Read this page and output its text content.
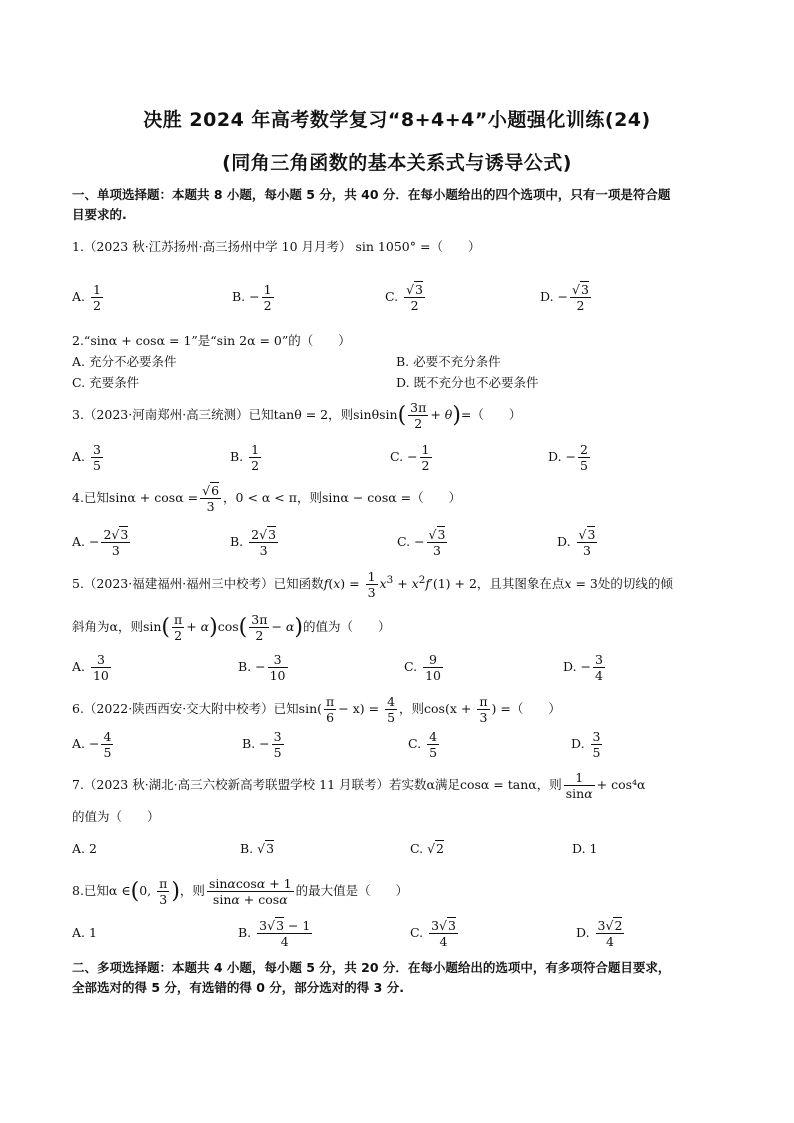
决胜 2024 年高考数学复习“8+4+4”小题强化训练(24)
(同角三角函数的基本关系式与诱导公式)
一、单项选择题：本题共 8 小题，每小题 5 分，共 40 分．在每小题给出的四个选项中，只有一项是符合题
目要求的.
1.（2023 秋·江苏扬州·高三扬州中学 10 月月考） sin 1050° =（　　）
A. $\frac{1}{2}$	B. − $\frac{1}{2}$	C. $\frac{√3}{2}$	D. − $\frac{√3}{2}$
2.“sinα + cosα = 1”是“sin 2α = 0”的（　　）
A. 充分不必要条件	B. 必要不充分条件
C. 充要条件	D. 既不充分也不必要条件
3.（2023·河南郑州·高三统测）已知tanθ = 2，则$\sin\theta\sin( \frac{3\pi}{2} + \theta)=$（　　）
A. $\frac{3}{5}$	B. $\frac{1}{2}$	C. − $\frac{1}{2}$	D. − $\frac{2}{5}$
4.已知$\sin\alpha + \cos\alpha = \frac{√6}{3}$ ，0 < α < π，则sinα − cosα =（　　）
A. − $\frac{2√3}{3}$	B. $\frac{2√3}{3}$	C. − $\frac{√3}{3}$	D. $\frac{√3}{3}$
5.（2023·福建福州·福州三中校考）已知函数$f(x) = \frac{1}{3} x^3 + x^2f'(1) + 2$，且其图象在点x = 3处的切线的倾
斜角为α，则$\sin( \frac{\pi}{2} + \alpha)\cos( \frac{3\pi}{2} - \alpha)$的值为（　　）
A. $\frac{3}{10}$	B. − $\frac{3}{10}$	C. $\frac{9}{10}$	D. − $\frac{3}{4}$
6.（2022·陕西西安·交大附中校考）已知$\sin( \frac{\pi}{6} - x) = \frac{4}{5}$ ，则$\cos(x + \frac{\pi}{3}$ ) =（　　）
A. − $\frac{4}{5}$	B. − $\frac{3}{5}$	C. $\frac{4}{5}$	D. $\frac{3}{5}$
7.（2023 秋·湖北·高三六校新高考联盟学校 11 月联考）若实数α满足cosα = tanα，则 $\frac{1}{\sin\alpha} + \cos^4\alpha$
的值为（　　）
A. 2	B. √3	C. √2	D. 1
8.已知α ∈(0, $\frac{\pi}{3}$ )，则 $\frac{\sin\alpha\cos\alpha + 1}{\sin\alpha + \cos\alpha}$ 的最大值是（　　）
A. 1	B. $\frac{3√3 - 1}{4}$	C. $\frac{3√3}{4}$	D. $\frac{3√2}{4}$
二、多项选择题：本题共 4 小题，每小题 5 分，共 20 分．在每小题给出的选项中，有多项符合题目要求，
全部选对的得 5 分，有选错的得 0 分，部分选对的得 3 分.
